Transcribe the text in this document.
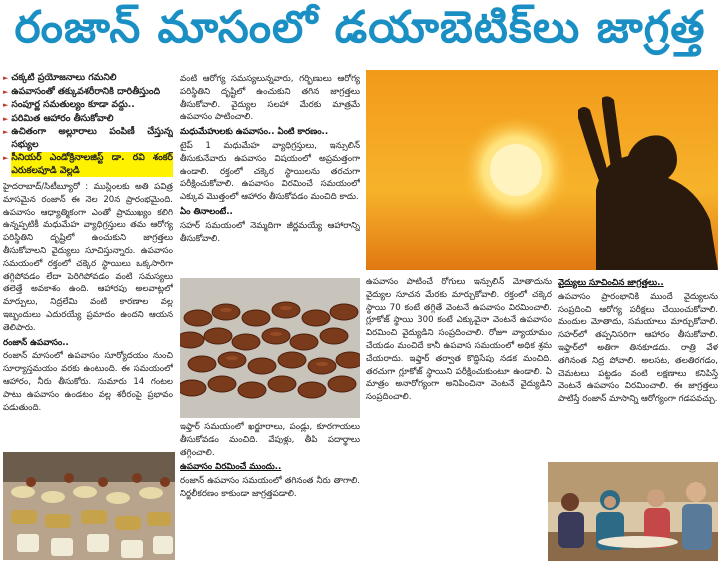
రంజాన్ మాసంలో డయాబెటిక్‌లు జాగ్రత్త
► చక్కటి ప్రయోజనాలు గమనిలి
► ఉపవాసంతో తక్కువశరీరానికి దారితీస్తుంది
► సంపూర్ణ సమతుల్యం కూడా వద్దు..
► పరిమిత ఆహారం తీసుకోవాలి
► ఉచితంగా అల్లూరాలు పంపిణీ చేస్తున్న సభ్యుల
► సీనియర్ ఎండోక్రినాలజిస్ట్ డా. రవి శంకర్ ఎరుకలపూడి వెల్లడి
హైదరాబాద్/సిటీబ్యూరో : ముస్లింలకు అతి పవిత్ర మాసమైన రంజాన్ ఈ నెల 20న ప్రారంభమైంది. ఉపవాసం ఆధ్యాత్మికంగా ఎంతో ప్రాముఖ్యం కలిగి ఉన్నప్పటికీ మధుమేహ వ్యాధిగ్రస్తులు తమ ఆరోగ్య పరిస్థితిని దృష్టిలో ఉంచుకుని జాగ్రత్తలు తీసుకోవాలని వైద్యులు సూచిస్తున్నారు. ఉపవాసం సమయంలో రక్తంలో చక్కెర స్థాయిలు ఒక్కసారిగా తగ్గిపోవడం లేదా పెరిగిపోవడం వంటి సమస్యలు తలెత్తే అవకాశం ఉంది. ఆహారపు అలవాట్లలో మార్పులు, నిద్రలేమి వంటి కారణాల వల్ల ఇబ్బందులు ఎదురయ్యే ప్రమాదం ఉందని ఆయన తెలిపారు.
రంజాన్ ఉపవాసం..
రంజాన్ మాసంలో ఉపవాసం సూర్యోదయం నుంచి సూర్యాస్తమయం వరకు ఉంటుంది. ఈ సమయంలో ఆహారం, నీరు తీసుకోరు. సుమారు 14 గంటల పాటు ఉపవాసం ఉండటం వల్ల శరీరంపై ప్రభావం పడుతుంది.
వంటి ఆరోగ్య సమస్యలున్నవారు, గర్భిణులు ఆరోగ్య పరిస్థితిని దృష్టిలో ఉంచుకుని తగిన జాగ్రత్తలు తీసుకోవాలి. వైద్యుల సలహా మేరకు మాత్రమే ఉపవాసం పాటించాలి.
మధుమేహులకు ఉపవాసం.. ఏంటి కారణం..
టైప్ 1 మధుమేహ వ్యాధిగ్రస్తులు, ఇన్సులిన్ తీసుకునేవారు ఉపవాసం విషయంలో అప్రమత్తంగా ఉండాలి. రక్తంలో చక్కెర స్థాయిలను తరచుగా పరీక్షించుకోవాలి. ఉపవాసం విరమించే సమయంలో ఎక్కువ మొత్తంలో ఆహారం తీసుకోవడం మంచిది కాదు.
ఏం తినాలంటే..
సహర్ సమయంలో నెమ్మదిగా జీర్ణమయ్యే ఆహారాన్ని తీసుకోవాలి.
ఇఫ్తార్ సమయంలో ఖర్జూరాలు, పండ్లు, కూరగాయలు తీసుకోవడం మంచిది. వేపుళ్లు, తీపి పదార్థాలు తగ్గించాలి.
ఉపవాసం విరమించే ముందు..
రంజాన్ ఉపవాసం సమయంలో తగినంత నీరు తాగాలి. నిర్జలీకరణం కాకుండా జాగ్రత్తపడాలి.
ఉపవాసం పాటించే రోగులు ఇన్సులిన్ మోతాదును వైద్యుల సూచన మేరకు మార్చుకోవాలి. రక్తంలో చక్కెర స్థాయి 70 కంటే తగ్గితే వెంటనే ఉపవాసం విరమించాలి. గ్లూకోజ్ స్థాయి 300 కంటే ఎక్కువైనా వెంటనే ఉపవాసం విరమించి వైద్యుడిని సంప్రదించాలి. రోజూ వ్యాయామం చేయడం మంచిదే కానీ ఉపవాస సమయంలో అధిక శ్రమ చేయరాదు. ఇఫ్తార్ తర్వాత కొద్దిసేపు నడక మంచిది. తరచుగా గ్లూకోజ్ స్థాయిని పరీక్షించుకుంటూ ఉండాలి. ఏ మాత్రం అనారోగ్యంగా అనిపించినా వెంటనే వైద్యుడిని సంప్రదించాలి.
వైద్యులు సూచించిన జాగ్రత్తలు..
ఉపవాసం ప్రారంభానికి ముందే వైద్యులను సంప్రదించి ఆరోగ్య పరీక్షలు చేయించుకోవాలి. మందుల మోతాదు, సమయాలు మార్చుకోవాలి. సహర్‌లో తప్పనిసరిగా ఆహారం తీసుకోవాలి. ఇఫ్తార్‌లో అతిగా తినకూడదు. రాత్రి వేళ తగినంత నిద్ర పోవాలి. అలసట, తలతిరగడం, చెమటలు పట్టడం వంటి లక్షణాలు కనిపిస్తే వెంటనే ఉపవాసం విరమించాలి. ఈ జాగ్రత్తలు పాటిస్తే రంజాన్ మాసాన్ని ఆరోగ్యంగా గడపవచ్చు.
